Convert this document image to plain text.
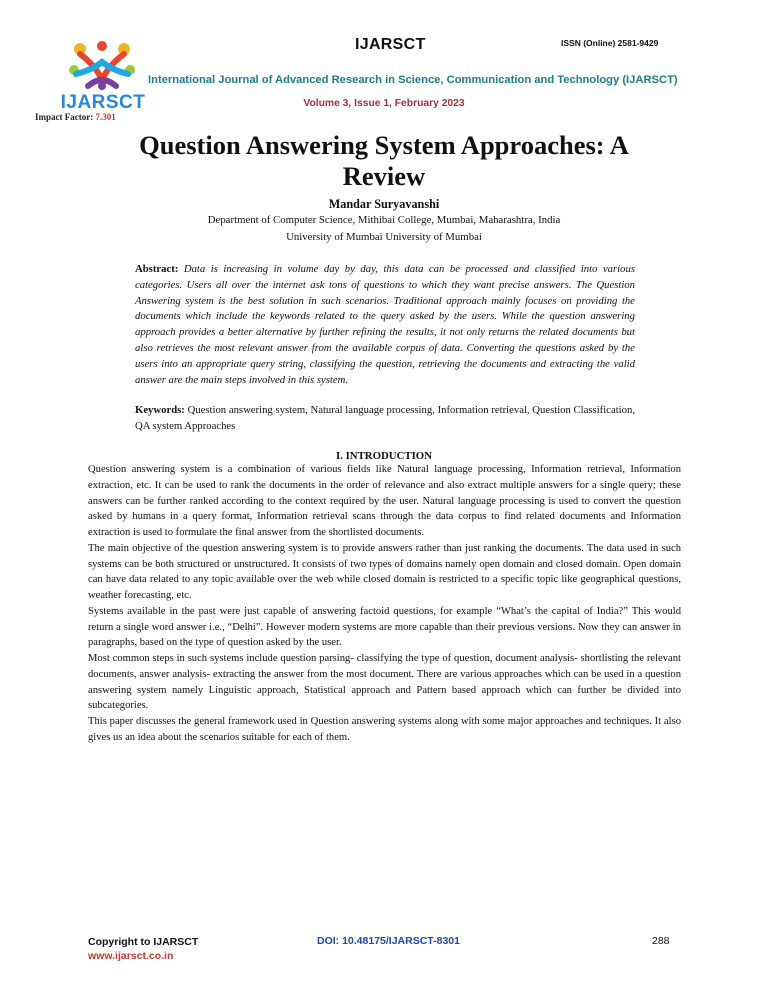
IJARSCT
Impact Factor: 7.301
IJARSCT	ISSN (Online) 2581-9429
International Journal of Advanced Research in Science, Communication and Technology (IJARSCT)
Volume 3, Issue 1, February 2023
Question Answering System Approaches: A
Review
Mandar Suryavanshi
Department of Computer Science, Mithibai College, Mumbai, Maharashtra, India
University of Mumbai University of Mumbai
Abstract: Data is increasing in volume day by day, this data can be processed and classified into various categories. Users all over the internet ask tons of questions to which they want precise answers. The Question Answering system is the best solution in such scenarios. Traditional approach mainly focuses on providing the documents which include the keywords related to the query asked by the users. While the question answering approach provides a better alternative by further refining the results, it not only returns the related documents but also retrieves the most relevant answer from the available corpus of data. Converting the questions asked by the users into an appropriate query string, classifying the question, retrieving the documents and extracting the valid answer are the main steps involved in this system.
Keywords: Question answering system, Natural language processing, Information retrieval, Question Classification, QA system Approaches
I. INTRODUCTION

Question answering system is a combination of various fields like Natural language processing, Information retrieval, Information extraction, etc. It can be used to rank the documents in the order of relevance and also extract multiple answers for a single query; these answers can be further ranked according to the context required by the user. Natural language processing is used to convert the question asked by humans in a query format, Information retrieval scans through the data corpus to find related documents and Information extraction is used to formulate the final answer from the shortlisted documents.

The main objective of the question answering system is to provide answers rather than just ranking the documents. The data used in such systems can be both structured or unstructured. It consists of two types of domains namely open domain and closed domain. Open domain can have data related to any topic available over the web while closed domain is restricted to a specific topic like geographical questions, weather forecasting, etc.

Systems available in the past were just capable of answering factoid questions, for example “What’s the capital of India?” This would return a single word answer i.e., “Delhi”. However modern systems are more capable than their previous versions. Now they can answer in paragraphs, based on the type of question asked by the user.

Most common steps in such systems include question parsing- classifying the type of question, document analysis- shortlisting the relevant documents, answer analysis- extracting the answer from the most document. There are various approaches which can be used in a question answering system namely Linguistic approach, Statistical approach and Pattern based approach which can further be divided into subcategories.

This paper discusses the general framework used in Question answering systems along with some major approaches and techniques. It also gives us an idea about the scenarios suitable for each of them.

Copyright to IJARSCT
www.ijarsct.co.in
DOI: 10.48175/IJARSCT-8301	288
